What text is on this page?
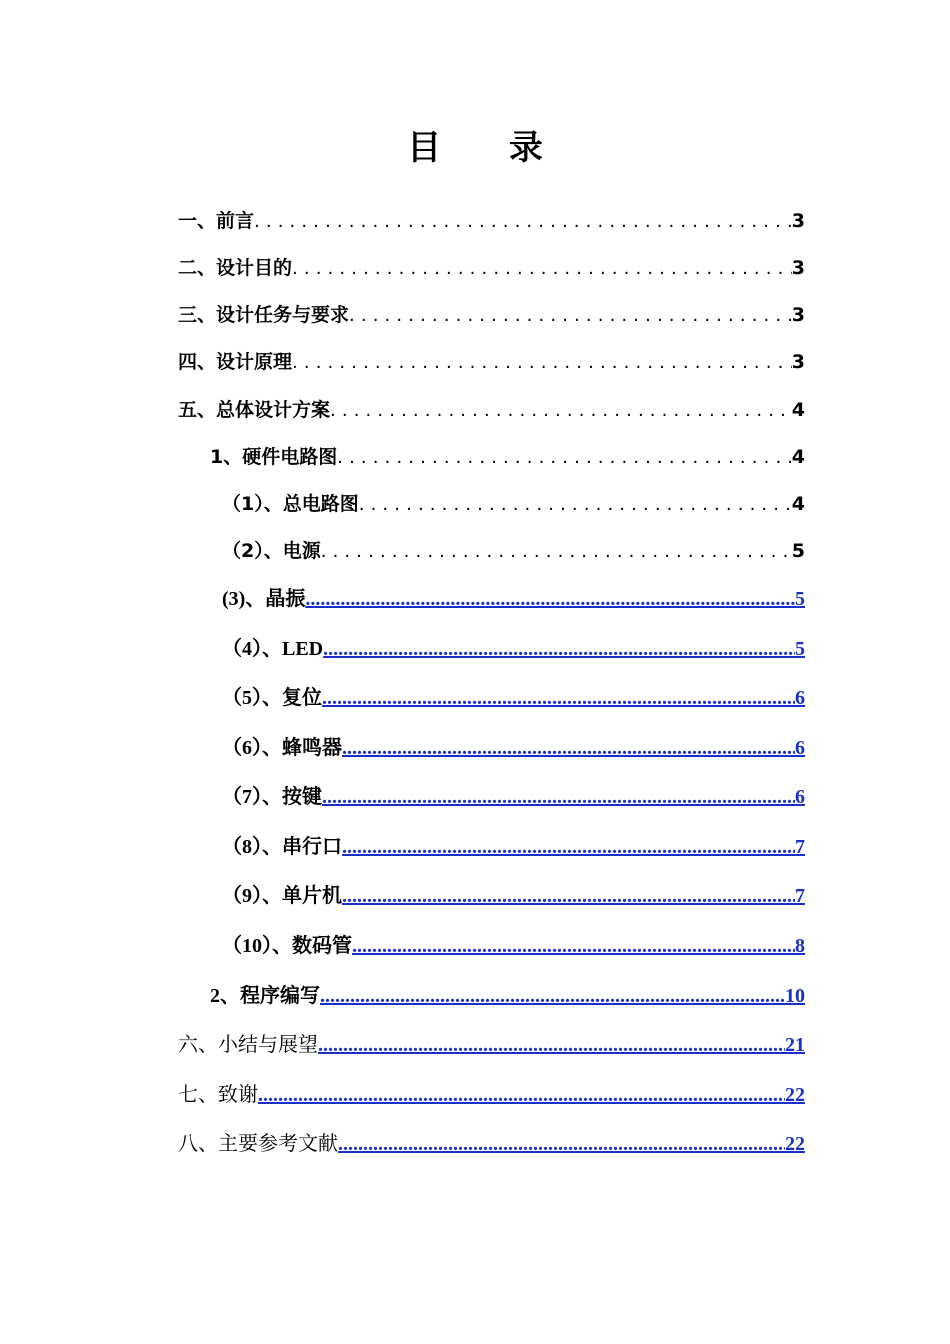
目 录
一、前言 . . .	3
二、设计目的 . . .	3
三、设计任务与要求 . . .	3
四、设计原理 . . .	3
五、总体设计方案 . . .	4
1、硬件电路图 . . .	4
（1）、总电路图 . . .	4
（2）、电源 . . .	5
(3)、晶振 .....	5
（4）、LED .....	5
（5）、复位 .....	6
（6）、蜂鸣器 .....	6
（7）、按键 .....	6
（8）、串行口 .....	7
（9）、单片机 .....	7
（10）、数码管 .....	8
2、程序编写 .....	10
六、小结与展望 .....	21
七、致谢 .....	22
八、主要参考文献 .....	22
